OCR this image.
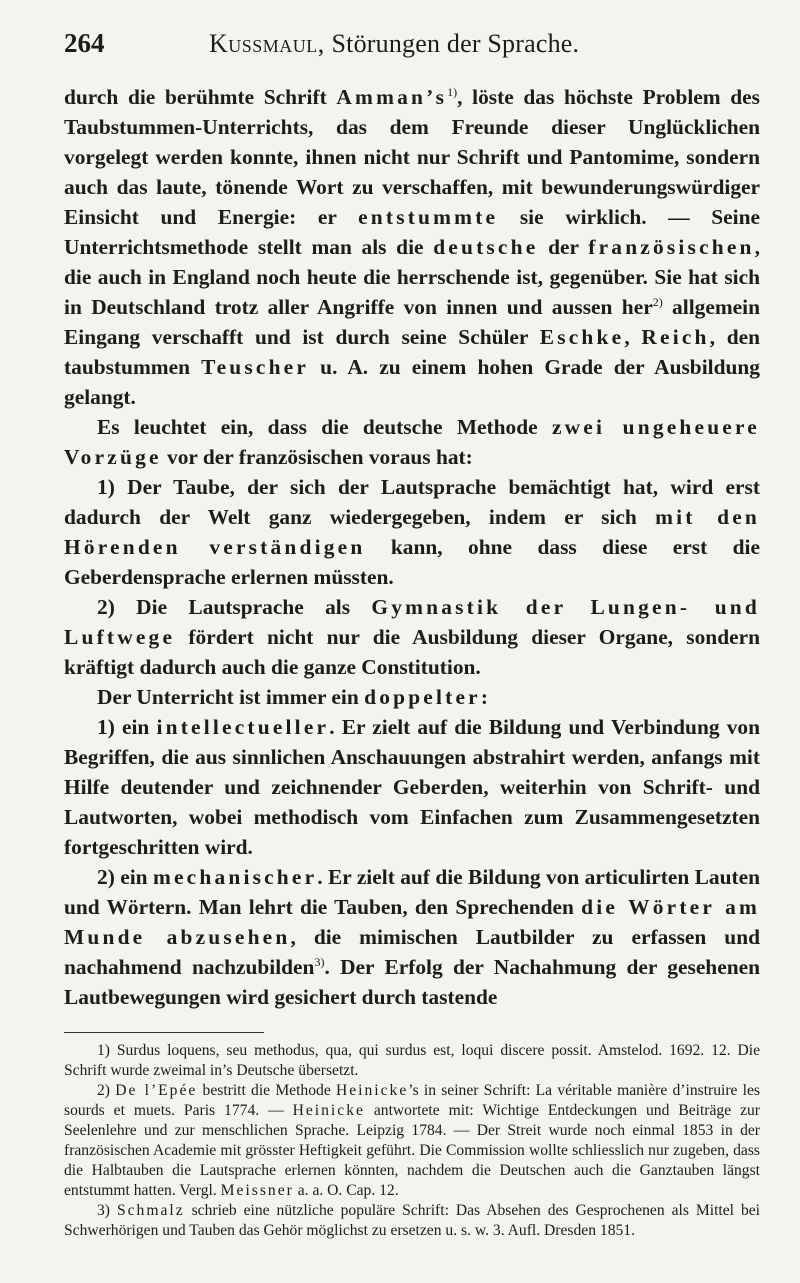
264	Kussmaul, Störungen der Sprache.

durch die berühmte Schrift $Amman’s^{1)}$, löste das höchste Problem des Taubstummen-Unterrichts, das dem Freunde dieser Unglücklichen vorgelegt werden konnte, ihnen nicht nur Schrift und Pantomime, sondern auch das laute, tönende Wort zu verschaffen, mit bewunderungswürdiger Einsicht und Energie: er entstummte sie wirklich. — Seine Unterrichtsmethode stellt man als die deutsche der französischen, die auch in England noch heute die herrschende ist, gegenüber. Sie hat sich in Deutschland trotz aller Angriffe von innen und aussen her$^{2)}$ allgemein Eingang verschafft und ist durch seine Schüler Eschke, Reich, den taubstummen Teuscher u. A. zu einem hohen Grade der Ausbildung gelangt.

Es leuchtet ein, dass die deutsche Methode zwei ungeheuere Vorzüge vor der französischen voraus hat:

1) Der Taube, der sich der Lautsprache bemächtigt hat, wird erst dadurch der Welt ganz wiedergegeben, indem er sich mit den Hörenden verständigen kann, ohne dass diese erst die Geberdensprache erlernen müssten.

2) Die Lautsprache als Gymnastik der Lungen- und Luftwege fördert nicht nur die Ausbildung dieser Organe, sondern kräftigt dadurch auch die ganze Constitution.

Der Unterricht ist immer ein doppelter:

1) ein intellectueller. Er zielt auf die Bildung und Verbindung von Begriffen, die aus sinnlichen Anschauungen abstrahirt werden, anfangs mit Hilfe deutender und zeichnender Geberden, weiterhin von Schrift- und Lautworten, wobei methodisch vom Einfachen zum Zusammengesetzten fortgeschritten wird.

2) ein mechanischer. Er zielt auf die Bildung von articulirten Lauten und Wörtern. Man lehrt die Tauben, den Sprechenden die Wörter am Munde abzusehen, die mimischen Lautbilder zu erfassen und nachahmend nachzubilden$^{3)}$. Der Erfolg der Nachahmung der gesehenen Lautbewegungen wird gesichert durch tastende

1) Surdus loquens, seu methodus, qua, qui surdus est, loqui discere possit. Amstelod. 1692. 12. Die Schrift wurde zweimal in’s Deutsche übersetzt.

2) De l’Epée bestritt die Methode Heinicke’s in seiner Schrift: La véritable manière d’instruire les sourds et muets. Paris 1774. — Heinicke antwortete mit: Wichtige Entdeckungen und Beiträge zur Seelenlehre und zur menschlichen Sprache. Leipzig 1784. — Der Streit wurde noch einmal 1853 in der französischen Academie mit grösster Heftigkeit geführt. Die Commission wollte schliesslich nur zugeben, dass die Halbtauben die Lautsprache erlernen könnten, nachdem die Deutschen auch die Ganztauben längst entstummt hatten. Vergl. Meissner a. a. O. Cap. 12.

3) Schmalz schrieb eine nützliche populäre Schrift: Das Absehen des Gesprochenen als Mittel bei Schwerhörigen und Tauben das Gehör möglichst zu ersetzen u. s. w. 3. Aufl. Dresden 1851.
